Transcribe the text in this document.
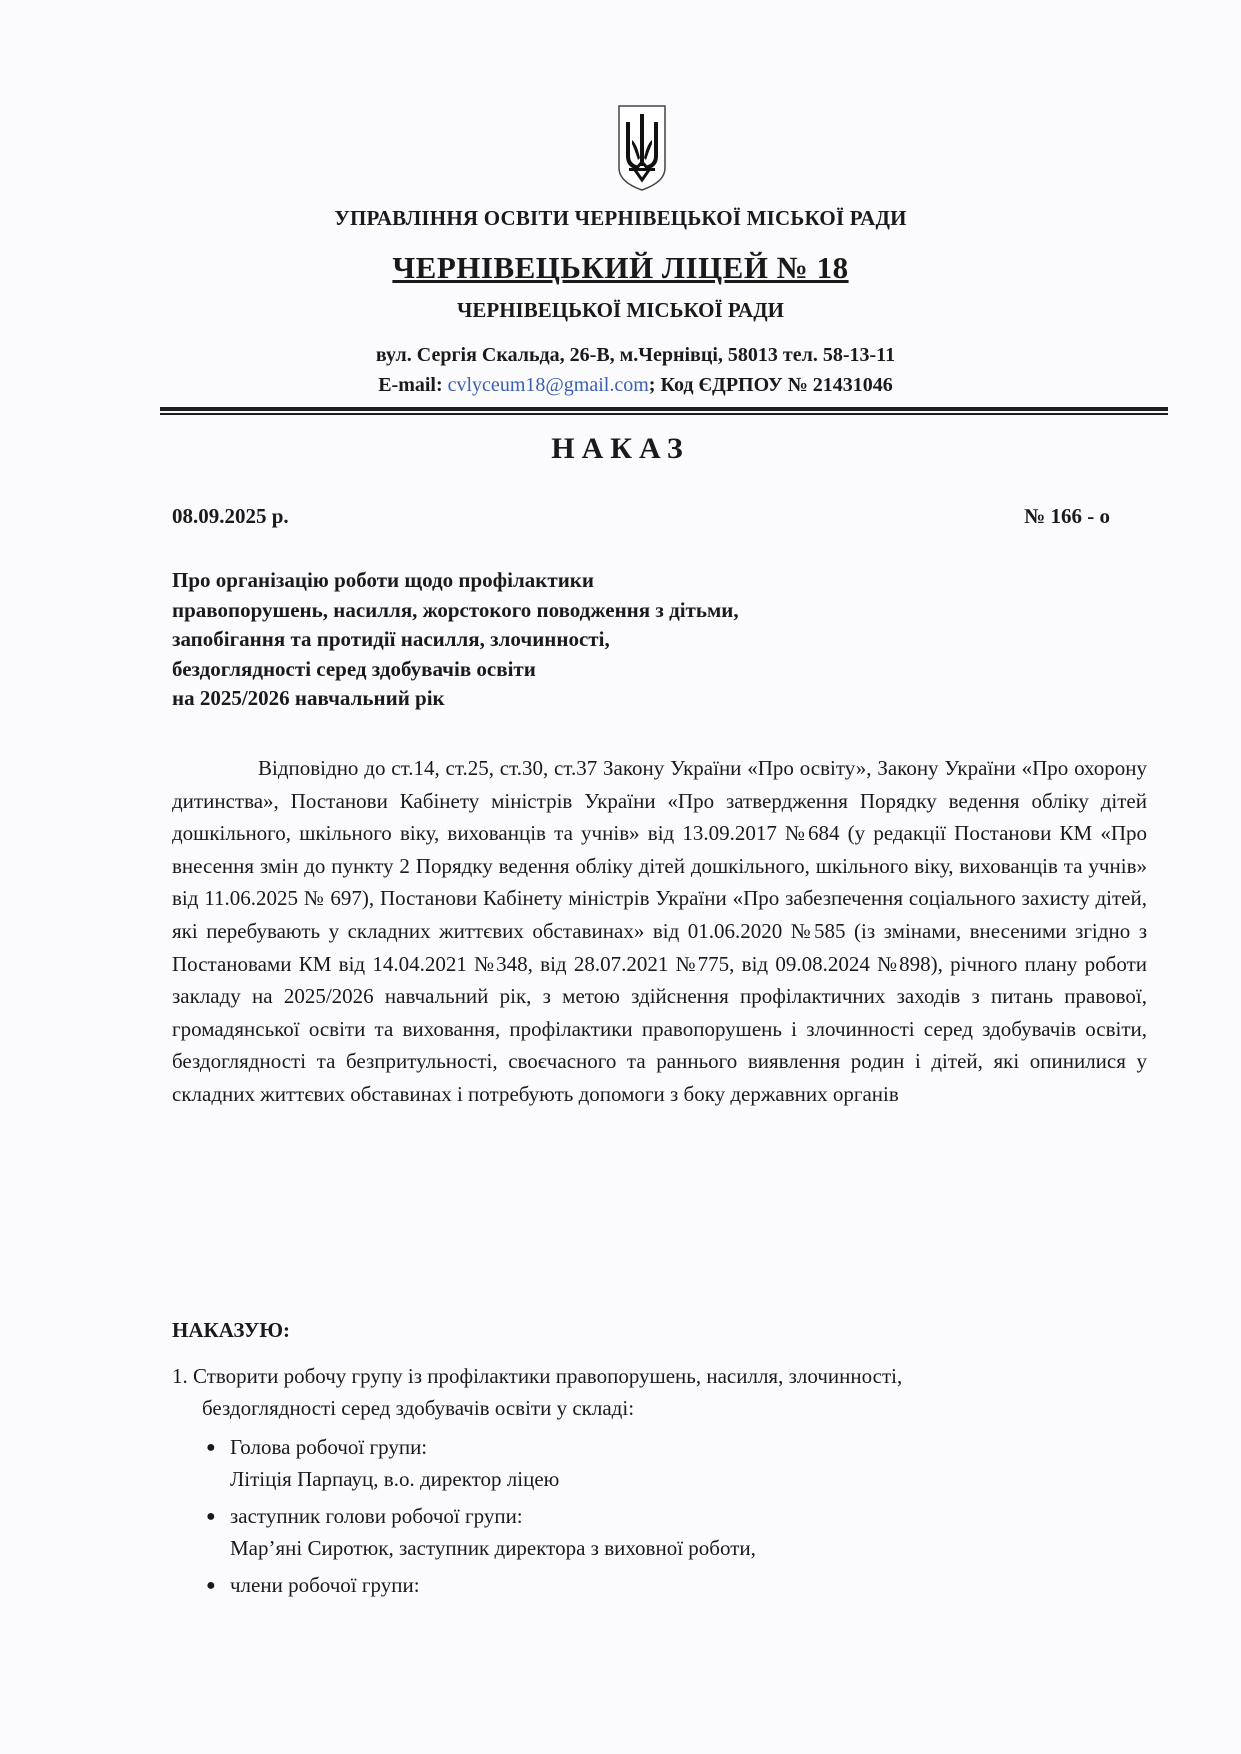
УПРАВЛІННЯ ОСВІТИ ЧЕРНІВЕЦЬКОЇ МІСЬКОЇ РАДИ
ЧЕРНІВЕЦЬКИЙ ЛІЦЕЙ № 18
ЧЕРНІВЕЦЬКОЇ МІСЬКОЇ РАДИ
вул. Сергія Скальда, 26-В, м.Чернівці, 58013 тел. 58-13-11
E-mail: cvlyceum18@gmail.com; Код ЄДРПОУ № 21431046
НАКАЗ
08.09.2025 р.	№ 166 - о
Про організацію роботи щодо профілактики
правопорушень, насилля, жорстокого поводження з дітьми,
запобігання та протидії насилля, злочинності,
бездоглядності серед здобувачів освіти
на 2025/2026 навчальний рік

Відповідно до ст.14, ст.25, ст.30, ст.37 Закону України «Про освіту», Закону України «Про охорону дитинства», Постанови Кабінету міністрів України «Про затвердження Порядку ведення обліку дітей дошкільного, шкільного віку, вихованців та учнів» від 13.09.2017 №684 (у редакції Постанови КМ «Про внесення змін до пункту 2 Порядку ведення обліку дітей дошкільного, шкільного віку, вихованців та учнів» від 11.06.2025 № 697), Постанови Кабінету міністрів України «Про забезпечення соціального захисту дітей, які перебувають у складних життєвих обставинах» від 01.06.2020 №585 (із змінами, внесеними згідно з Постановами КМ від 14.04.2021 №348, від 28.07.2021 №775, від 09.08.2024 №898), річного плану роботи закладу на 2025/2026 навчальний рік, з метою здійснення профілактичних заходів з питань правової, громадянської освіти та виховання, профілактики правопорушень і злочинності серед здобувачів освіти, бездоглядності та безпритульності, своєчасного та раннього виявлення родин і дітей, які опинилися у складних життєвих обставинах і потребують допомоги з боку державних органів

НАКАЗУЮ:
1. Створити робочу групу із профілактики правопорушень, насилля, злочинності,
бездоглядності серед здобувачів освіти у складі:
● Голова робочої групи:
Літіція Парпауц, в.о. директор ліцею
● заступник голови робочої групи:
Мар’яні Сиротюк, заступник директора з виховної роботи,
● члени робочої групи:
